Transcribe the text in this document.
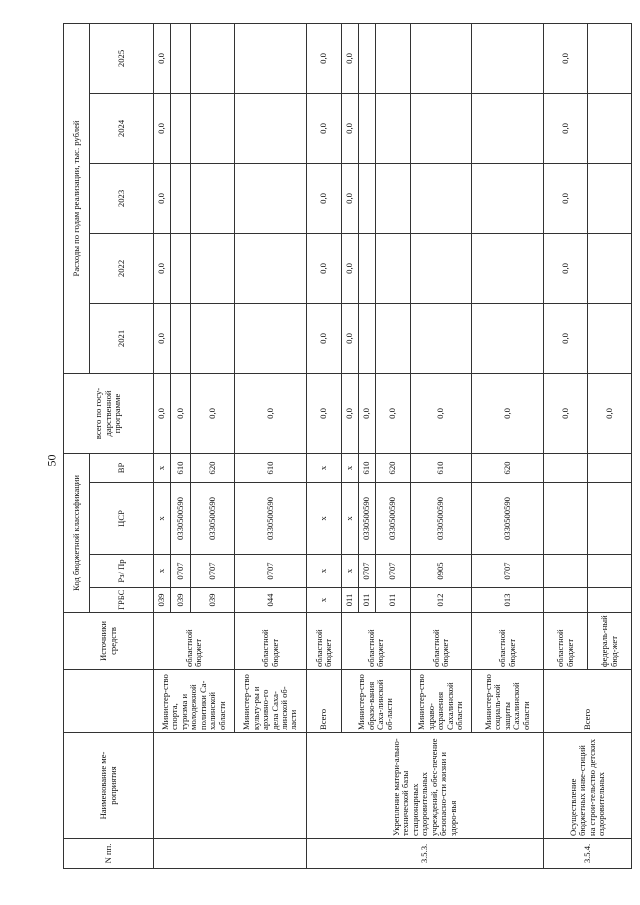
50
N пп.	Наименование ме-роприятия		Источники средств	Код бюджетной классификации				всего по госу-дарственной программе	Расходы по годам реализации, тыс. рублей				
				ГРБС	Рз/ Пр	ЦСР	ВР		2021	2022	2023	2024	2025
		Министер-ство спорта, туризма и молодежной политики Са-халинской области	областной бюджет	039	х	х	х	0,0	0,0	0,0	0,0	0,0	0,0
				039	0707	0330500590	610	0,0					
				039	0707	0330500590	620	0,0					
		Министер-ство культу-ры и архивно-го дела Саха-линской об-ласти	областной бюджет	044	0707	0330500590	610	0,0					
3.5.3.	Укрепление матери-ально- технической базы стационарных оздоровительных учреждений, обес-печение безопасно-сти жизни и здоро-вья	Всего	областной бюджет	х	х	х	х	0,0	0,0	0,0	0,0	0,0	0,0
		Министер-ство образо-вания Саха-линской об-ласти	областной бюджет	011	х	х	х	0,0	0,0	0,0	0,0	0,0	0,0
				011	0707	0330500590	610	0,0					
				011	0707	0330500590	620	0,0					
		Министер-ство здраво-охранения Сахалинской области	областной бюджет	012	0905	0330500590	610	0,0					
		Министер-ство социаль-ной защиты Сахалинской области	областной бюджет	013	0707	0330500590	620	0,0					
3.5.4.	Осуществление бюджетных инве-стиций на строи-тельство детских оздоровительных	Всего	областной бюджет					0,0	0,0	0,0	0,0	0,0	0,0
			федераль-ный бюд-жет					0,0					
